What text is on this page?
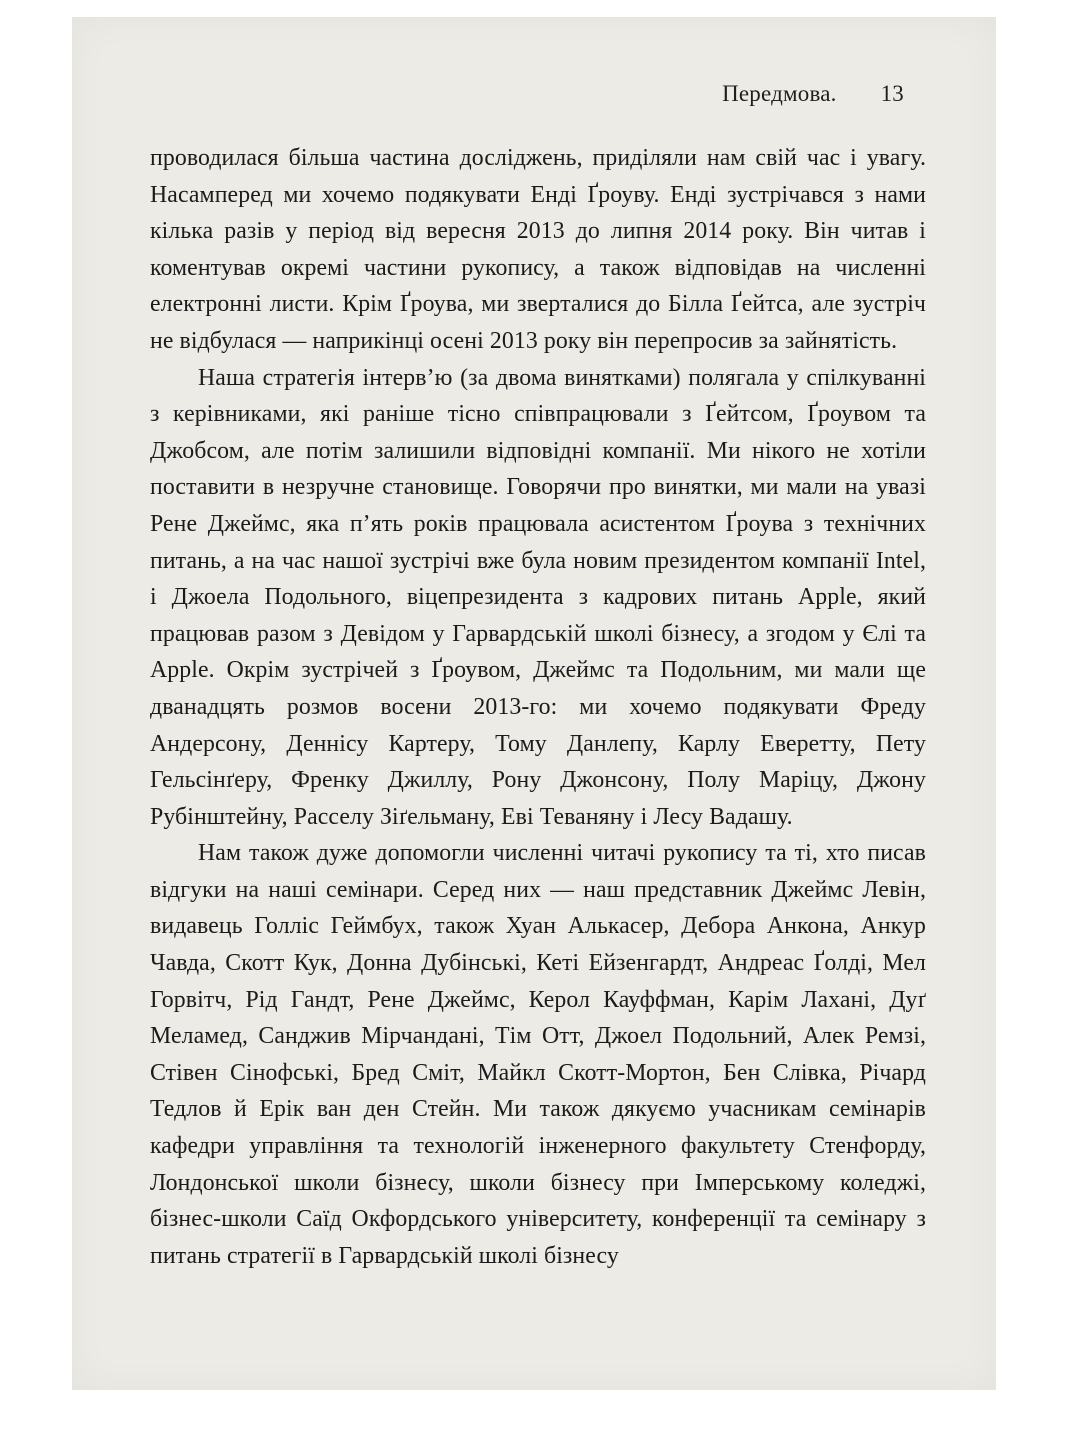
Передмова. 13

проводилася більша частина досліджень, приділяли нам свій час і увагу. Насамперед ми хочемо подякувати Енді Ґроуву. Енді зустрічався з нами кілька разів у період від вересня 2013 до липня 2014 року. Він читав і коментував окремі частини рукопису, а також відповідав на численні електронні листи. Крім Ґроува, ми зверталися до Білла Ґейтса, але зустріч не відбулася — наприкінці осені 2013 року він перепросив за зайнятість.

Наша стратегія інтерв’ю (за двома винятками) полягала у спілкуванні з керівниками, які раніше тісно співпрацювали з Ґейтсом, Ґроувом та Джобсом, але потім залишили відповідні компанії. Ми нікого не хотіли поставити в незручне становище. Говорячи про винятки, ми мали на увазі Рене Джеймс, яка п’ять років працювала асистентом Ґроува з технічних питань, а на час нашої зустрічі вже була новим президентом компанії Intel, і Джоела Подольного, віцепрезидента з кадрових питань Apple, який працював разом з Девідом у Гарвардській школі бізнесу, а згодом у Єлі та Apple. Окрім зустрічей з Ґроувом, Джеймс та Подольним, ми мали ще дванадцять розмов восени 2013-го: ми хочемо подякувати Фреду Андерсону, Деннісу Картеру, Тому Данлепу, Карлу Еверетту, Пету Гельсінґеру, Френку Джиллу, Рону Джонсону, Полу Маріцу, Джону Рубінштейну, Расселу Зіґельману, Еві Теваняну і Лесу Вадашу.

Нам також дуже допомогли численні читачі рукопису та ті, хто писав відгуки на наші семінари. Серед них — наш представник Джеймс Левін, видавець Голліс Геймбух, також Хуан Алькасер, Дебора Анкона, Анкур Чавда, Скотт Кук, Донна Дубінські, Кеті Ейзенгардт, Андреас Ґолді, Мел Горвітч, Рід Гандт, Рене Джеймс, Керол Кауффман, Карім Лахані, Дуґ Меламед, Санджив Мірчандані, Тім Отт, Джоел Подольний, Алек Ремзі, Стівен Сінофські, Бред Сміт, Майкл Скотт-Мортон, Бен Слівка, Річард Тедлов й Ерік ван ден Стейн. Ми також дякуємо учасникам семінарів кафедри управління та технологій інженерного факультету Стенфорду, Лондонської школи бізнесу, школи бізнесу при Імперському коледжі, бізнес-школи Саїд Окфордського університету, конференції та семінару з питань стратегії в Гарвардській школі бізнесу
